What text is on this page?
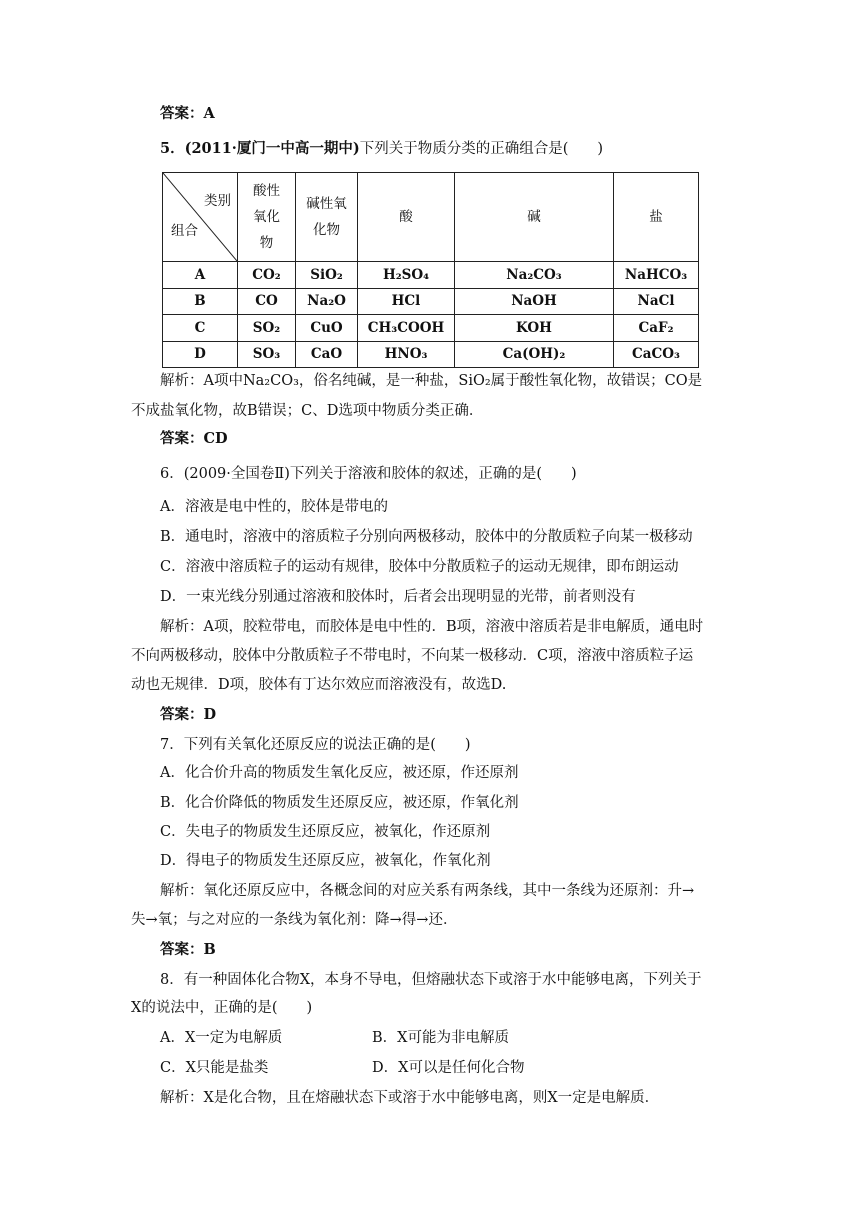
答案：A
5．(2011·厦门一中高一期中)下列关于物质分类的正确组合是(　　)
类别
组合	酸性氧化物	碱性氧化物	酸	碱	盐
A	CO₂	SiO₂	H₂SO₄	Na₂CO₃	NaHCO₃
B	CO	Na₂O	HCl	NaOH	NaCl
C	SO₂	CuO	CH₃COOH	KOH	CaF₂
D	SO₃	CaO	HNO₃	Ca(OH)₂	CaCO₃
解析：A项中Na₂CO₃，俗名纯碱，是一种盐，SiO₂属于酸性氧化物，故错误；CO是
不成盐氧化物，故B错误；C、D选项中物质分类正确．
答案：CD
6．(2009·全国卷Ⅱ)下列关于溶液和胶体的叙述，正确的是(　　)
A．溶液是电中性的，胶体是带电的
B．通电时，溶液中的溶质粒子分别向两极移动，胶体中的分散质粒子向某一极移动
C．溶液中溶质粒子的运动有规律，胶体中分散质粒子的运动无规律，即布朗运动
D．一束光线分别通过溶液和胶体时，后者会出现明显的光带，前者则没有
解析：A项，胶粒带电，而胶体是电中性的．B项，溶液中溶质若是非电解质，通电时
不向两极移动，胶体中分散质粒子不带电时，不向某一极移动．C项，溶液中溶质粒子运
动也无规律．D项，胶体有丁达尔效应而溶液没有，故选D.
答案：D
7．下列有关氧化还原反应的说法正确的是(　　)
A．化合价升高的物质发生氧化反应，被还原，作还原剂
B．化合价降低的物质发生还原反应，被还原，作氧化剂
C．失电子的物质发生还原反应，被氧化，作还原剂
D．得电子的物质发生还原反应，被氧化，作氧化剂
解析：氧化还原反应中，各概念间的对应关系有两条线，其中一条线为还原剂：升→
失→氧；与之对应的一条线为氧化剂：降→得→还．
答案：B
8．有一种固体化合物X，本身不导电，但熔融状态下或溶于水中能够电离，下列关于
X的说法中，正确的是(　　)
A．X一定为电解质	B．X可能为非电解质
C．X只能是盐类	D．X可以是任何化合物
解析：X是化合物，且在熔融状态下或溶于水中能够电离，则X一定是电解质．
